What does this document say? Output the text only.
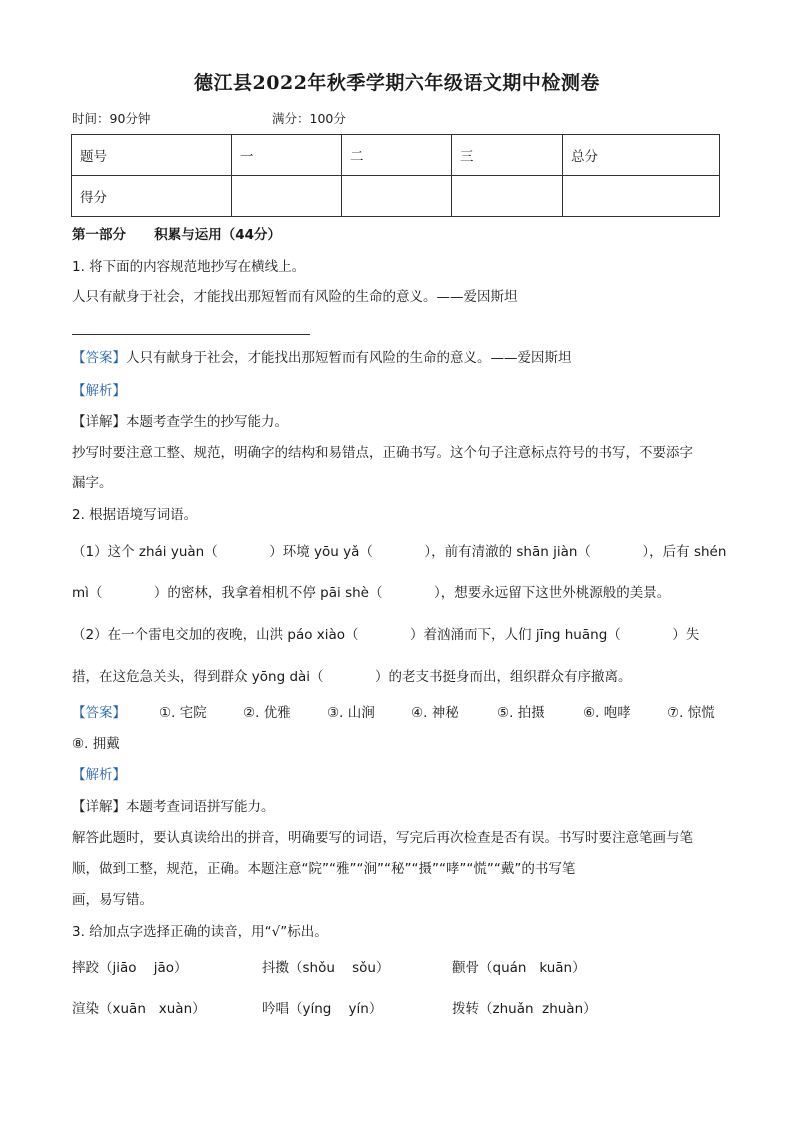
德江县2022年秋季学期六年级语文期中检测卷
时间：90分钟	满分：100分
题号	一	二	三	总分
得分				
第一部分      积累与运用（44分）
1. 将下面的内容规范地抄写在横线上。
人只有献身于社会，才能找出那短暂而有风险的生命的意义。——爱因斯坦
【答案】人只有献身于社会，才能找出那短暂而有风险的生命的意义。——爱因斯坦
【解析】
【详解】本题考查学生的抄写能力。
抄写时要注意工整、规范，明确字的结构和易错点，正确书写。这个句子注意标点符号的书写，不要添字
漏字。
2. 根据语境写词语。
（1）这个 zhái yuàn（            ）环境 yōu yǎ（            ），前有清澈的 shān jiàn（            ），后有 shén
mì（            ）的密林，我拿着相机不停 pāi shè（            ），想要永远留下这世外桃源般的美景。
（2）在一个雷电交加的夜晚，山洪 páo xiào（            ）着汹涌而下，人们 jīng huāng（            ）失
措，在这危急关头，得到群众 yōng dài（            ）的老支书挺身而出，组织群众有序撤离。
【答案】 ①. 宅院	②. 优雅	③. 山涧	④. 神秘	⑤. 拍摄	⑥. 咆哮	⑦. 惊慌
⑧. 拥戴
【解析】
【详解】本题考查词语拼写能力。
解答此题时，要认真读给出的拼音，明确要写的词语，写完后再次检查是否有误。书写时要注意笔画与笔
顺，做到工整，规范，正确。本题注意“院”“雅”“涧”“秘”“摄”“哮”“慌”“戴”的书写笔
画，易写错。
3. 给加点字选择正确的读音，用“√”标出。
摔跤（jiāo    jāo）	抖擞（shǒu    sǒu）	颧骨（quán   kuān）
渲染（xuān   xuàn）	吟唱（yíng    yín）	拨转（zhuǎn  zhuàn）
